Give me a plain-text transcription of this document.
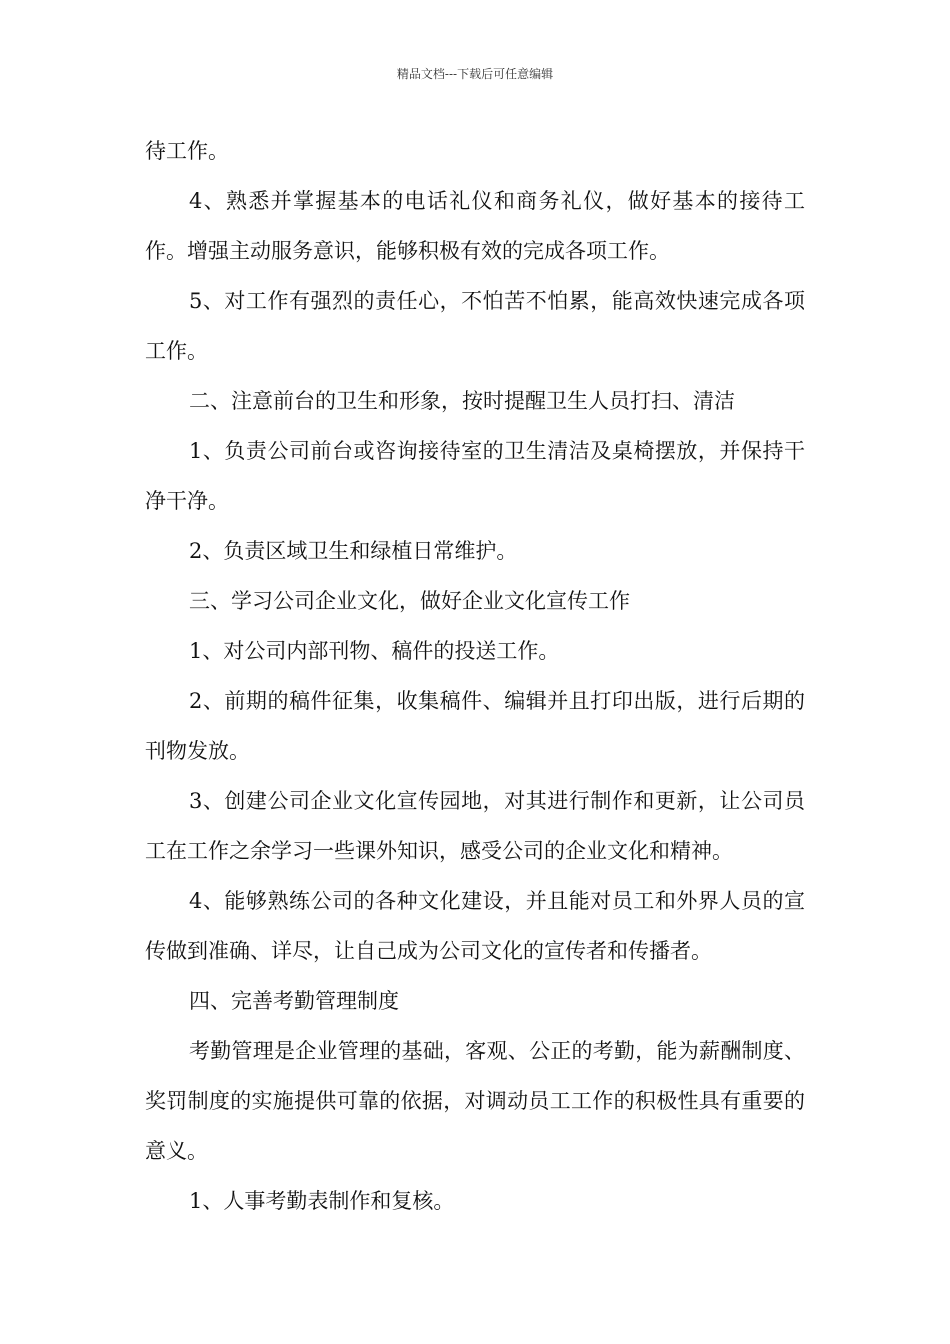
精品文档---下载后可任意编辑

待工作。

4、熟悉并掌握基本的电话礼仪和商务礼仪，做好基本的接待工作。增强主动服务意识，能够积极有效的完成各项工作。

5、对工作有强烈的责任心，不怕苦不怕累，能高效快速完成各项工作。

二、注意前台的卫生和形象，按时提醒卫生人员打扫、清洁

1、负责公司前台或咨询接待室的卫生清洁及桌椅摆放，并保持干净干净。

2、负责区域卫生和绿植日常维护。

三、学习公司企业文化，做好企业文化宣传工作

1、对公司内部刊物、稿件的投送工作。

2、前期的稿件征集，收集稿件、编辑并且打印出版，进行后期的刊物发放。

3、创建公司企业文化宣传园地，对其进行制作和更新，让公司员工在工作之余学习一些课外知识，感受公司的企业文化和精神。

4、能够熟练公司的各种文化建设，并且能对员工和外界人员的宣传做到准确、详尽，让自己成为公司文化的宣传者和传播者。

四、完善考勤管理制度

考勤管理是企业管理的基础，客观、公正的考勤，能为薪酬制度、奖罚制度的实施提供可靠的依据，对调动员工工作的积极性具有重要的意义。

1、人事考勤表制作和复核。
